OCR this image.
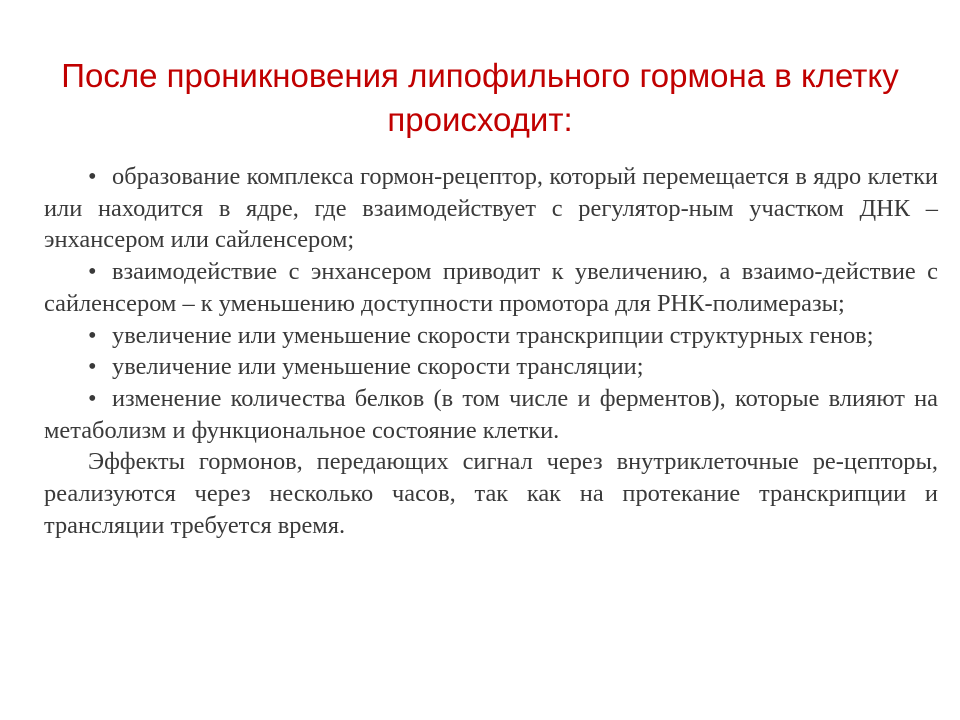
После проникновения липофильного гормона в клетку происходит:

• образование комплекса гормон-рецептор, который перемещается в ядро клетки или находится в ядре, где взаимодействует с регулятор-ным участком ДНК – энхансером или сайленсером;

• взаимодействие с энхансером приводит к увеличению, а взаимо-действие с сайленсером – к уменьшению доступности промотора для РНК-полимеразы;

• увеличение или уменьшение скорости транскрипции структурных генов;

• увеличение или уменьшение скорости трансляции;

• изменение количества белков (в том числе и ферментов), которые влияют на метаболизм и функциональное состояние клетки.

Эффекты гормонов, передающих сигнал через внутриклеточные ре-цепторы, реализуются через несколько часов, так как на протекание транскрипции и трансляции требуется время.
